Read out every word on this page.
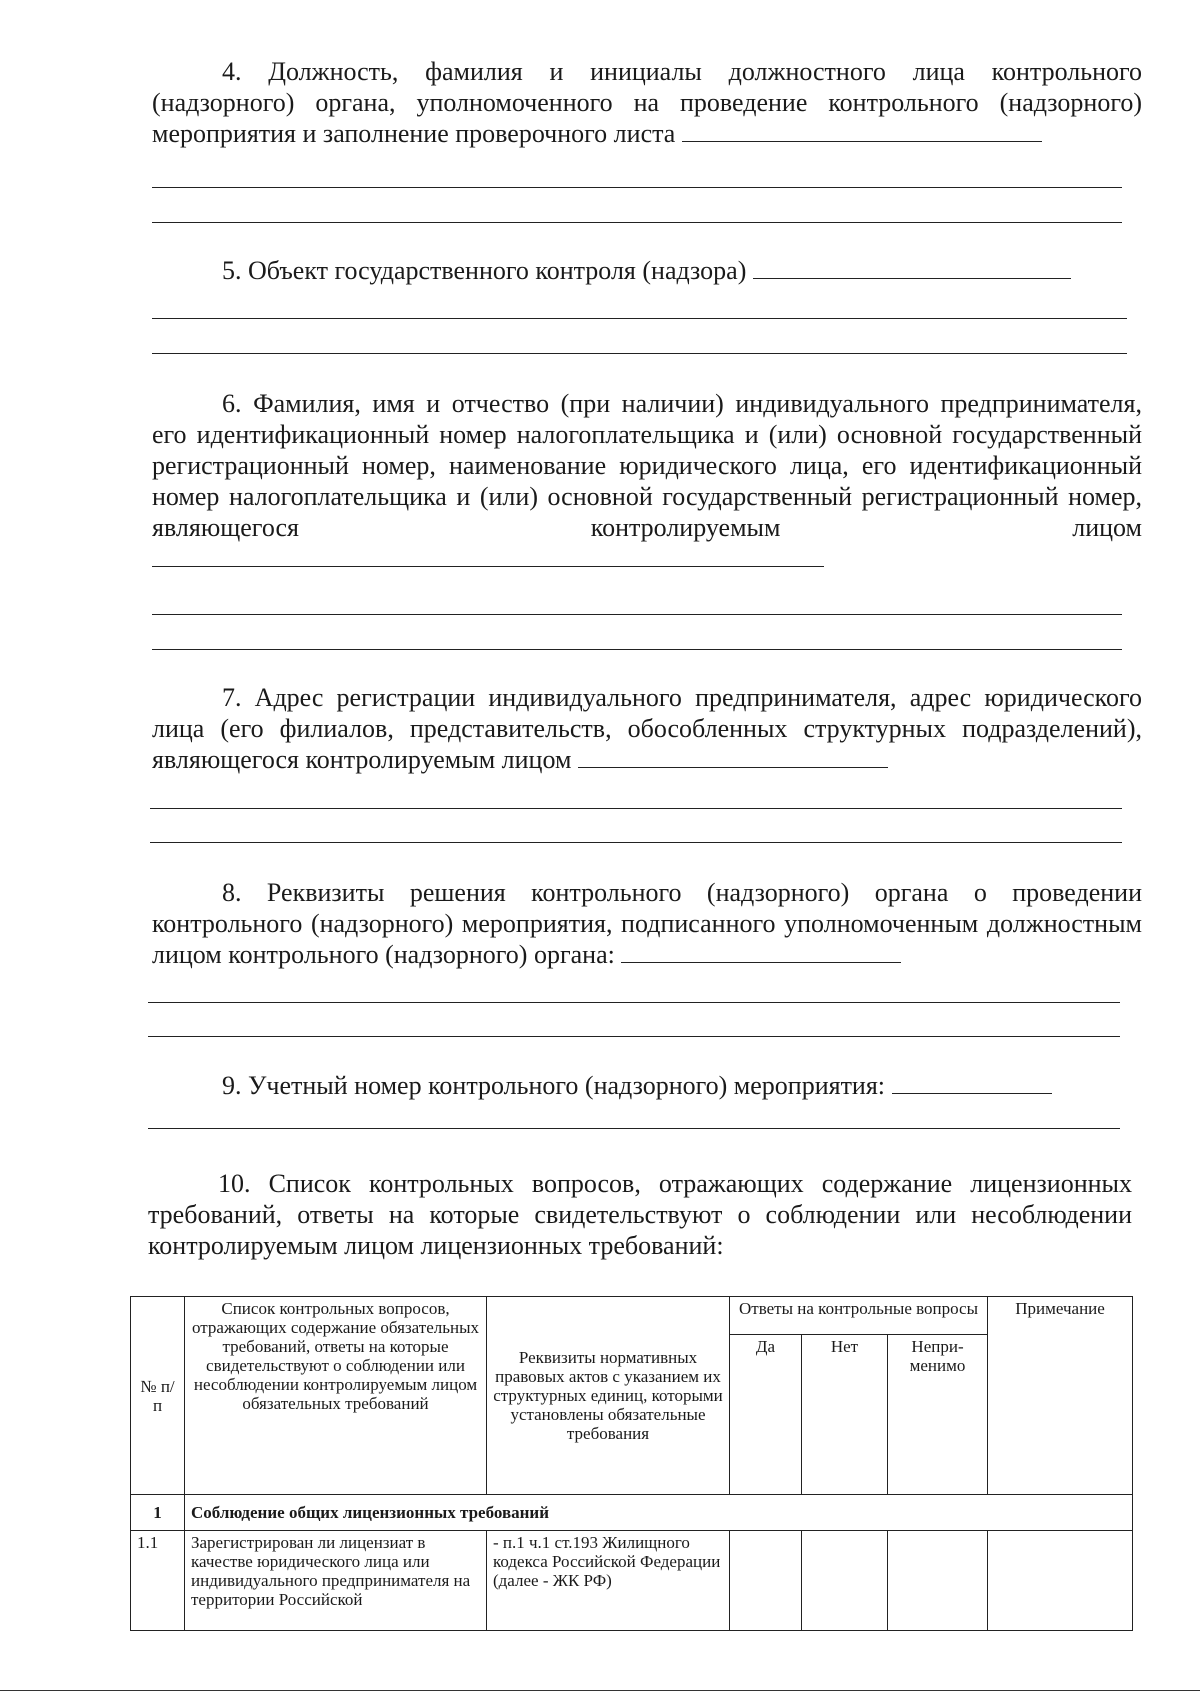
4. Должность, фамилия и инициалы должностного лица контрольного (надзорного) органа, уполномоченного на проведение контрольного (надзорного) мероприятия и заполнение проверочного листа
5. Объект государственного контроля (надзора)
6. Фамилия, имя и отчество (при наличии) индивидуального предпринимателя, его идентификационный номер налогоплательщика и (или) основной государственный регистрационный номер, наименование юридического лица, его идентификационный номер налогоплательщика и (или) основной государственный регистрационный номер, являющегося контролируемым лицом
7. Адрес регистрации индивидуального предпринимателя, адрес юридического лица (его филиалов, представительств, обособленных структурных подразделений), являющегося контролируемым лицом
8. Реквизиты решения контрольного (надзорного) органа о проведении контрольного (надзорного) мероприятия, подписанного уполномоченным должностным лицом контрольного (надзорного) органа:
9. Учетный номер контрольного (надзорного) мероприятия:
10. Список контрольных вопросов, отражающих содержание лицензионных требований, ответы на которые свидетельствуют о соблюдении или несоблюдении контролируемым лицом лицензионных требований:
№ п/п	Список контрольных вопросов, отражающих содержание обязательных требований, ответы на которые свидетельствуют о соблюдении или несоблюдении контролируемым лицом обязательных требований	Реквизиты нормативных правовых актов с указанием их структурных единиц, которыми установлены обязательные требования	Ответы на контрольные вопросы			Примечание
			Да	Нет	Непри-менимо	
1	Соблюдение общих лицензионных требований					
1.1	Зарегистрирован ли лицензиат в качестве юридического лица или индивидуального предпринимателя на территории Российской	- п.1 ч.1 ст.193 Жилищного кодекса Российской Федерации (далее - ЖК РФ)				
